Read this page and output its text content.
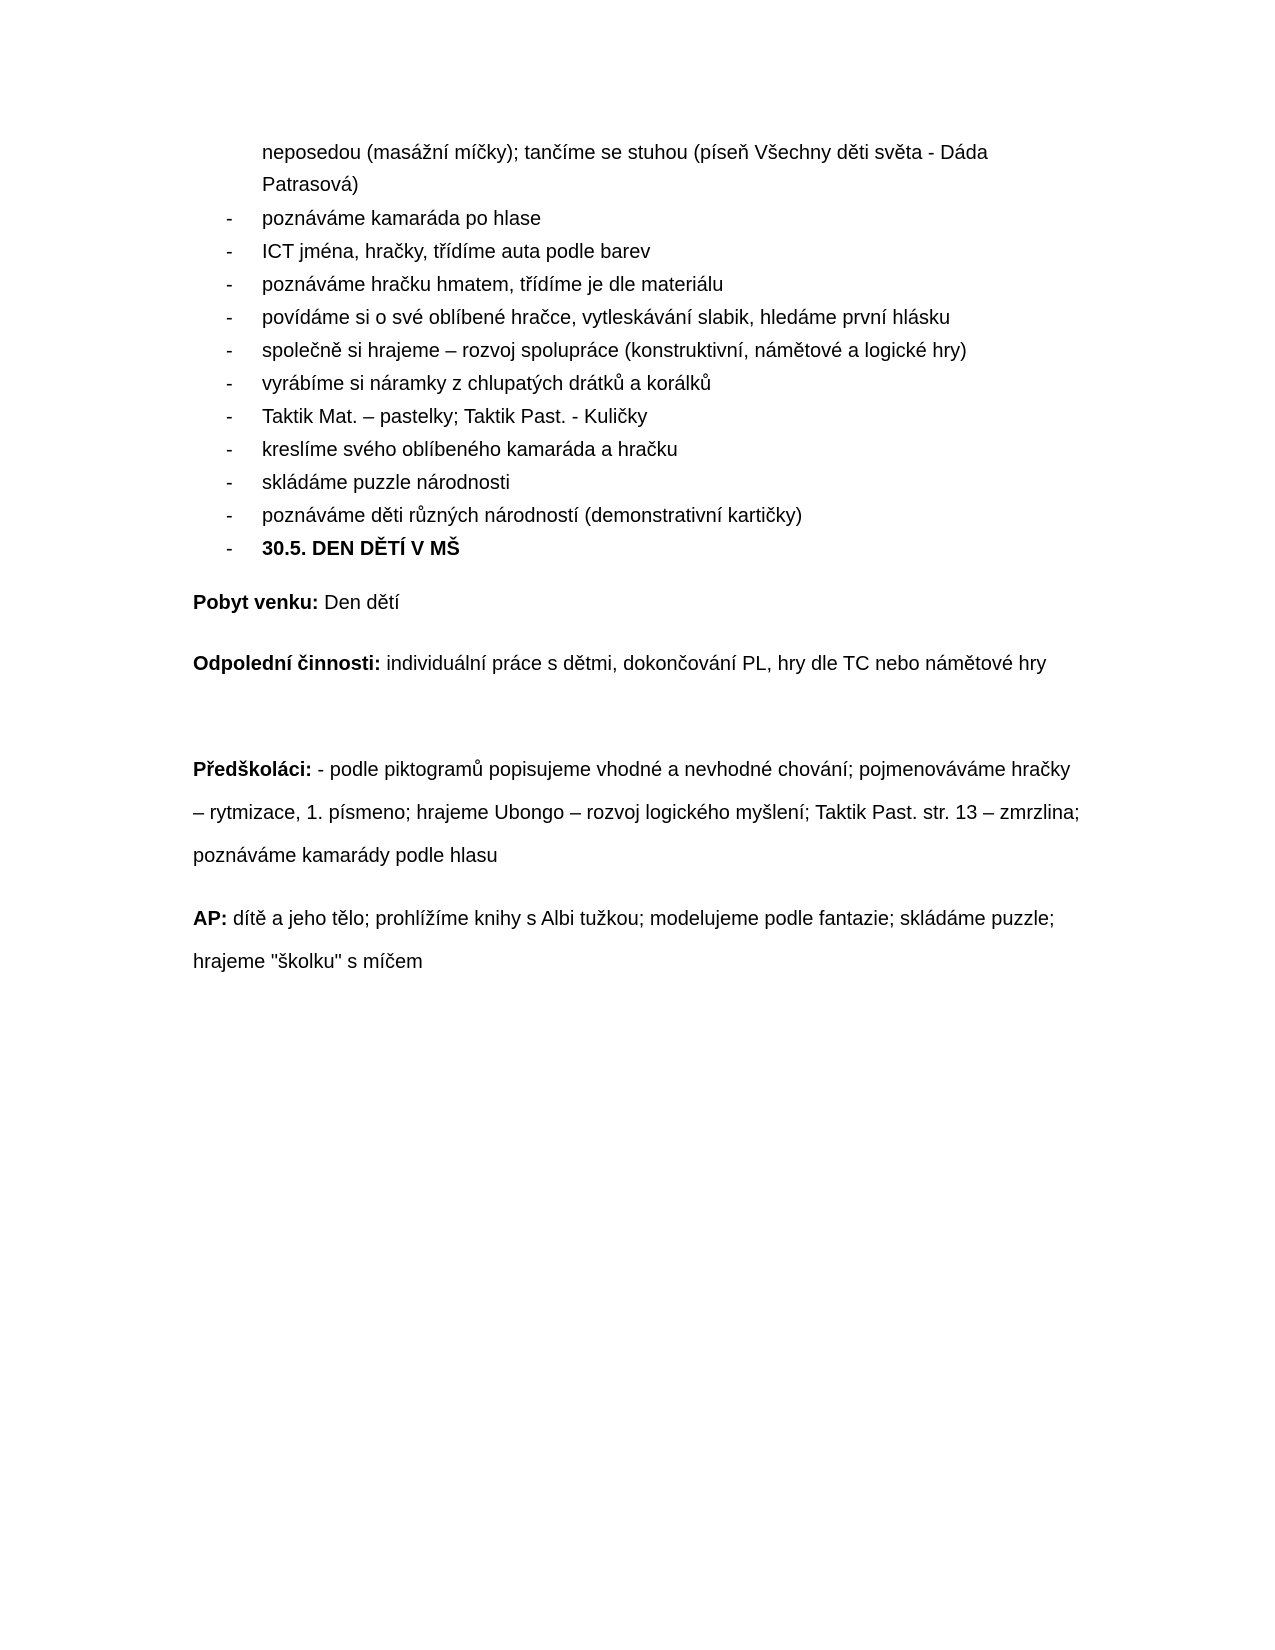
neposedou (masážní míčky); tančíme se stuhou (píseň Všechny děti světa - Dáda Patrasová)
- poznáváme kamaráda po hlase
- ICT jména, hračky, třídíme auta podle barev
- poznáváme hračku hmatem, třídíme je dle materiálu
- povídáme si o své oblíbené hračce, vytleskávání slabik, hledáme první hlásku
- společně si hrajeme – rozvoj spolupráce (konstruktivní, námětové a logické hry)
- vyrábíme si náramky z chlupatých drátků a korálků
- Taktik Mat. – pastelky; Taktik Past. - Kuličky
- kreslíme svého oblíbeného kamaráda a hračku
- skládáme puzzle národnosti
- poznáváme děti různých národností (demonstrativní kartičky)
- 30.5. DEN DĚTÍ V MŠ
Pobyt venku: Den dětí
Odpolední činnosti: individuální práce s dětmi, dokončování PL, hry dle TC nebo námětové hry
Předškoláci: - podle piktogramů popisujeme vhodné a nevhodné chování; pojmenováváme hračky – rytmizace, 1. písmeno; hrajeme Ubongo – rozvoj logického myšlení; Taktik Past. str. 13 – zmrzlina; poznáváme kamarády podle hlasu
AP: dítě a jeho tělo; prohlížíme knihy s Albi tužkou; modelujeme podle fantazie; skládáme puzzle; hrajeme "školku" s míčem
